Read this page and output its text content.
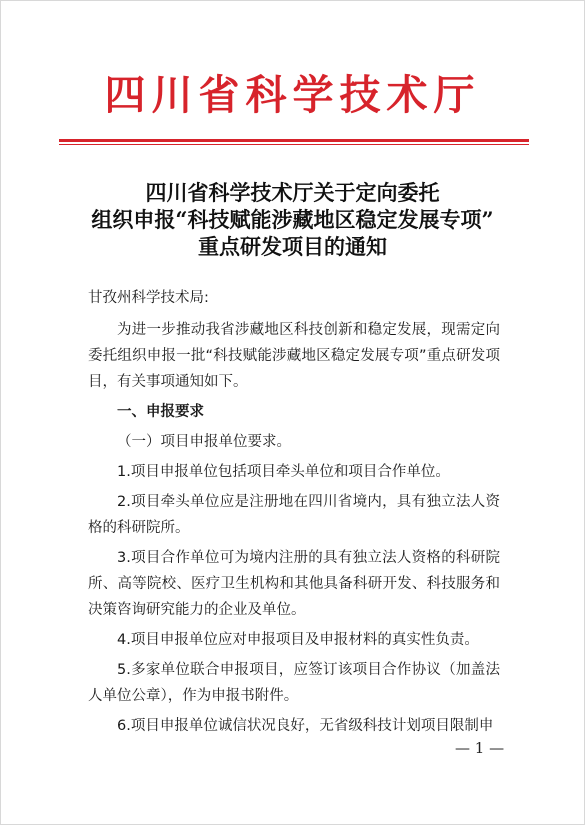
四川省科学技术厅
四川省科学技术厅关于定向委托
组织申报“科技赋能涉藏地区稳定发展专项”
重点研发项目的通知

甘孜州科学技术局:

为进一步推动我省涉藏地区科技创新和稳定发展，现需定向委托组织申报一批“科技赋能涉藏地区稳定发展专项”重点研发项目，有关事项通知如下。

一、申报要求

（一）项目申报单位要求。

1.项目申报单位包括项目牵头单位和项目合作单位。

2.项目牵头单位应是注册地在四川省境内，具有独立法人资格的科研院所。

3.项目合作单位可为境内注册的具有独立法人资格的科研院所、高等院校、医疗卫生机构和其他具备科研开发、科技服务和决策咨询研究能力的企业及单位。

4.项目申报单位应对申报项目及申报材料的真实性负责。

5.多家单位联合申报项目，应签订该项目合作协议（加盖法人单位公章），作为申报书附件。

6.项目申报单位诚信状况良好，无省级科技计划项目限制申

— 1 —
